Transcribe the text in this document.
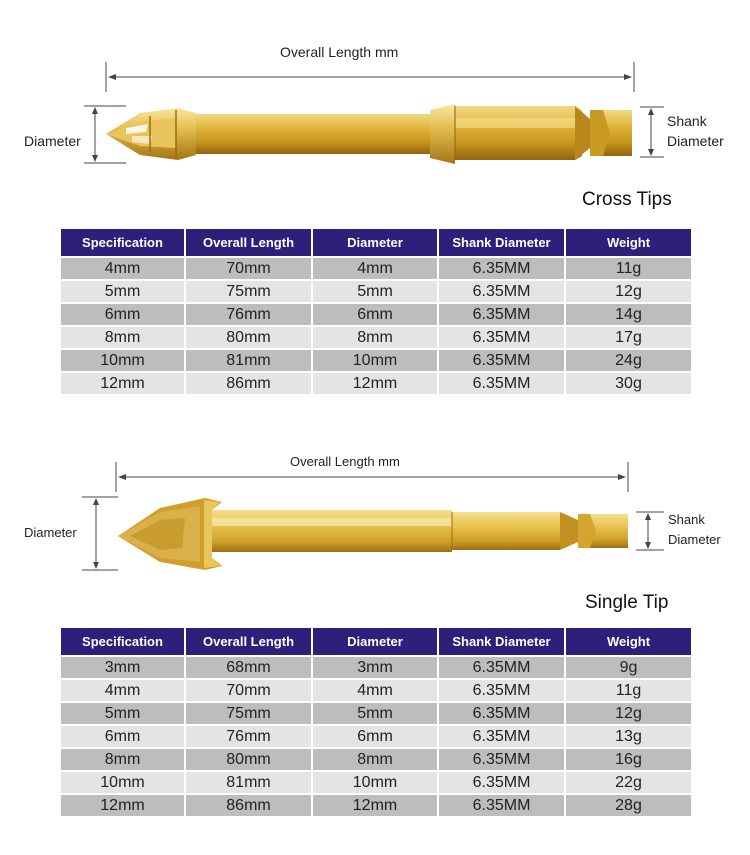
Overall Length mm
Diameter
Shank
Diameter
Cross Tips
Specification	Overall Length	Diameter	Shank Diameter	Weight
4mm	70mm	4mm	6.35MM	11g
5mm	75mm	5mm	6.35MM	12g
6mm	76mm	6mm	6.35MM	14g
8mm	80mm	8mm	6.35MM	17g
10mm	81mm	10mm	6.35MM	24g
12mm	86mm	12mm	6.35MM	30g
Overall Length mm
Diameter
Shank
Diameter
Single Tip
Specification	Overall Length	Diameter	Shank Diameter	Weight
3mm	68mm	3mm	6.35MM	9g
4mm	70mm	4mm	6.35MM	11g
5mm	75mm	5mm	6.35MM	12g
6mm	76mm	6mm	6.35MM	13g
8mm	80mm	8mm	6.35MM	16g
10mm	81mm	10mm	6.35MM	22g
12mm	86mm	12mm	6.35MM	28g
